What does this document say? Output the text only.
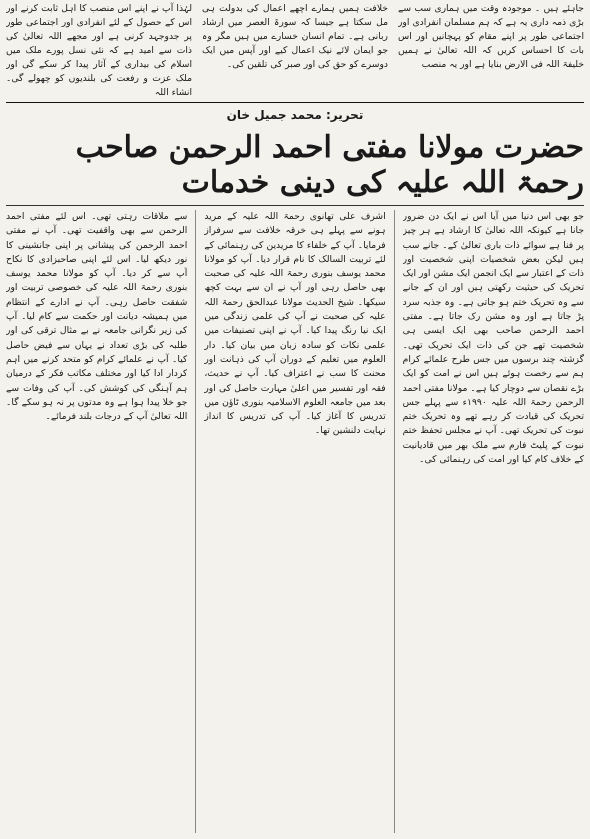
جاہئے ہیں ۔ موجودہ وقت میں ہماری سب سے بڑی ذمہ داری یہ ہے کہ ہم مسلمان انفرادی اور اجتماعی طور پر اپنے مقام کو پہچانیں اور اس بات کا احساس کریں کہ اللہ تعالیٰ نے ہمیں خلیفۃ اللہ فی الارض بنایا ہے اور یہ منصب
خلافت ہمیں ہمارے اچھے اعمال کی بدولت ہی مل سکتا ہے جیسا کہ سورۃ العصر میں ارشاد ربانی ہے۔ تمام انسان خسارے میں ہیں مگر وہ جو ایمان لائے نیک اعمال کیے اور آپس میں ایک دوسرے کو حق کی اور صبر کی تلقین کی۔
لہٰذا آپ نے اپنے اس منصب کا اہل ثابت کرنے اور اس کے حصول کے لئے انفرادی اور اجتماعی طور پر جدوجہد کرنی ہے اور مجھے اللہ تعالیٰ کی ذات سے امید ہے کہ نئی نسل پورے ملک میں اسلام کی بیداری کے آثار پیدا کر سکے گی اور ملک عزت و رفعت کی بلندیوں کو چھولے گی۔ انشاء اللہ
تحریر: محمد جمیل خان
حضرت مولانا مفتی احمد الرحمن صاحب رحمۃ اللہ علیہ کی دینی خدمات

جو بھی اس دنیا میں آیا اس نے ایک دن ضرور جانا ہے کیونکہ اللہ تعالیٰ کا ارشاد ہے ہر چیز پر فنا ہے سوائے ذات باری تعالیٰ کے۔ جانے سب ہیں لیکن بعض شخصیات اپنی شخصیت اور ذات کے اعتبار سے ایک انجمن ایک مشن اور ایک تحریک کی حیثیت رکھتی ہیں اور ان کے جانے سے وہ تحریک ختم ہو جاتی ہے۔ وہ جذبہ سرد پڑ جاتا ہے اور وہ مشن رک جاتا ہے۔ مفتی احمد الرحمن صاحب بھی ایک ایسی ہی شخصیت تھے جن کی ذات ایک تحریک تھی۔ گزشتہ چند برسوں میں جس طرح علمائے کرام ہم سے رخصت ہوئے ہیں اس نے امت کو ایک بڑے نقصان سے دوچار کیا ہے۔ مولانا مفتی احمد الرحمن رحمۃ اللہ علیہ ۱۹۹۰ء سے پہلے جس تحریک کی قیادت کر رہے تھے وہ تحریک ختم نبوت کی تحریک تھی۔ آپ نے مجلس تحفظ ختم نبوت کے پلیٹ فارم سے ملک بھر میں قادیانیت کے خلاف کام کیا اور امت کی رہنمائی کی۔

اشرف علی تھانوی رحمۃ اللہ علیہ کے مرید ہونے سے پہلے ہی خرقہ خلافت سے سرفراز فرمایا۔ آپ کے خلفاء کا مریدین کی رہنمائی کے لئے تربیت السالک کا نام قرار دیا۔ آپ کو مولانا محمد یوسف بنوری رحمۃ اللہ علیہ کی صحبت بھی حاصل رہی اور آپ نے ان سے بہت کچھ سیکھا۔ شیخ الحدیث مولانا عبدالحق رحمۃ اللہ علیہ کی صحبت نے آپ کی علمی زندگی میں ایک نیا رنگ پیدا کیا۔ آپ نے اپنی تصنیفات میں علمی نکات کو سادہ زبان میں بیان کیا۔ دار العلوم میں تعلیم کے دوران آپ کی ذہانت اور محنت کا سب نے اعتراف کیا۔ آپ نے حدیث، فقہ اور تفسیر میں اعلیٰ مہارت حاصل کی اور بعد میں جامعہ العلوم الاسلامیہ بنوری ٹاؤن میں تدریس کا آغاز کیا۔ آپ کی تدریس کا انداز نہایت دلنشین تھا۔

سے ملاقات رہتی تھی۔ اس لئے مفتی احمد الرحمن سے بھی واقفیت تھی۔ آپ نے مفتی احمد الرحمن کی پیشانی پر اپنی جانشینی کا نور دیکھ لیا۔ اس لئے اپنی صاحبزادی کا نکاح آپ سے کر دیا۔ آپ کو مولانا محمد یوسف بنوری رحمۃ اللہ علیہ کی خصوصی تربیت اور شفقت حاصل رہی۔ آپ نے ادارے کے انتظام میں ہمیشہ دیانت اور حکمت سے کام لیا۔ آپ کی زیر نگرانی جامعہ نے بے مثال ترقی کی اور طلبہ کی بڑی تعداد نے یہاں سے فیض حاصل کیا۔ آپ نے علمائے کرام کو متحد کرنے میں اہم کردار ادا کیا اور مختلف مکاتب فکر کے درمیان ہم آہنگی کی کوشش کی۔ آپ کی وفات سے جو خلا پیدا ہوا ہے وہ مدتوں پر نہ ہو سکے گا۔ اللہ تعالیٰ آپ کے درجات بلند فرمائے۔
